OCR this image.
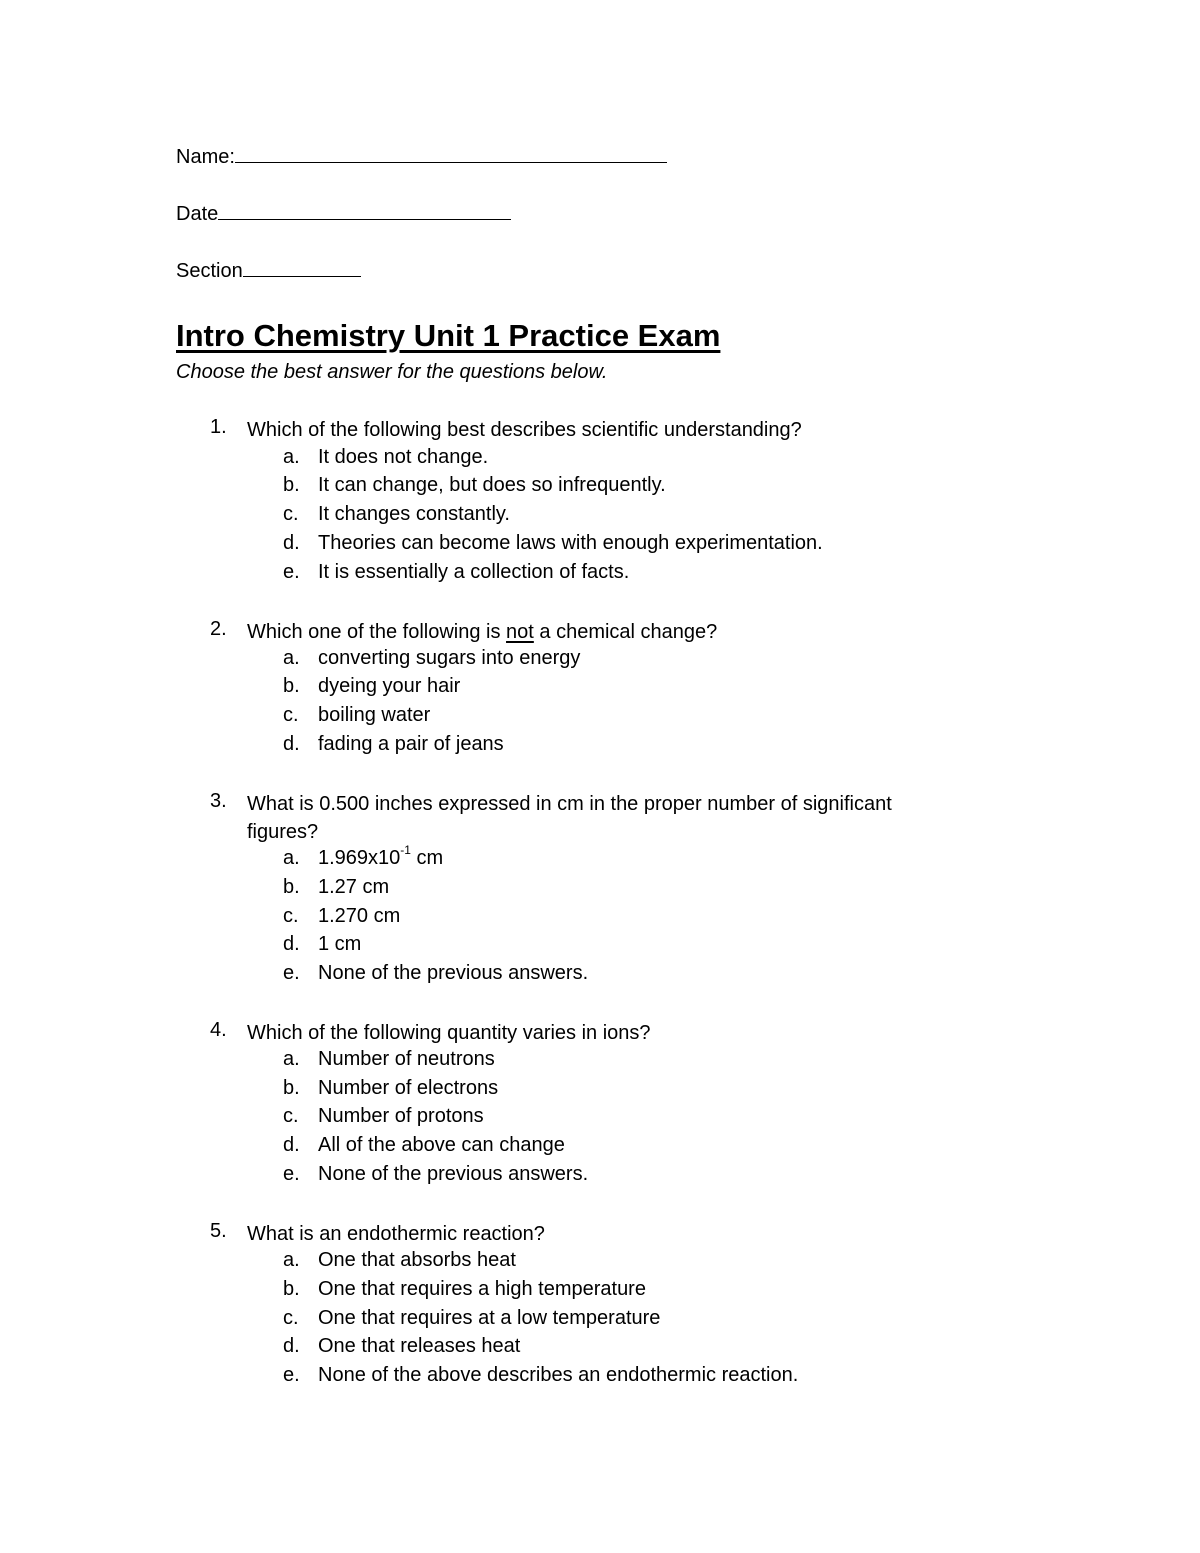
Name:
Date
Section
Intro Chemistry Unit 1 Practice Exam
Choose the best answer for the questions below.
1. Which of the following best describes scientific understanding?
a. It does not change.
b. It can change, but does so infrequently.
c. It changes constantly.
d. Theories can become laws with enough experimentation.
e. It is essentially a collection of facts.
2. Which one of the following is not a chemical change?
a. converting sugars into energy
b. dyeing your hair
c. boiling water
d. fading a pair of jeans
3. What is 0.500 inches expressed in cm in the proper number of significant figures?
a. $1.969x10^{-1}$ cm
b. 1.27 cm
c. 1.270 cm
d. 1 cm
e. None of the previous answers.
4. Which of the following quantity varies in ions?
a. Number of neutrons
b. Number of electrons
c. Number of protons
d. All of the above can change
e. None of the previous answers.
5. What is an endothermic reaction?
a. One that absorbs heat
b. One that requires a high temperature
c. One that requires at a low temperature
d. One that releases heat
e. None of the above describes an endothermic reaction.
